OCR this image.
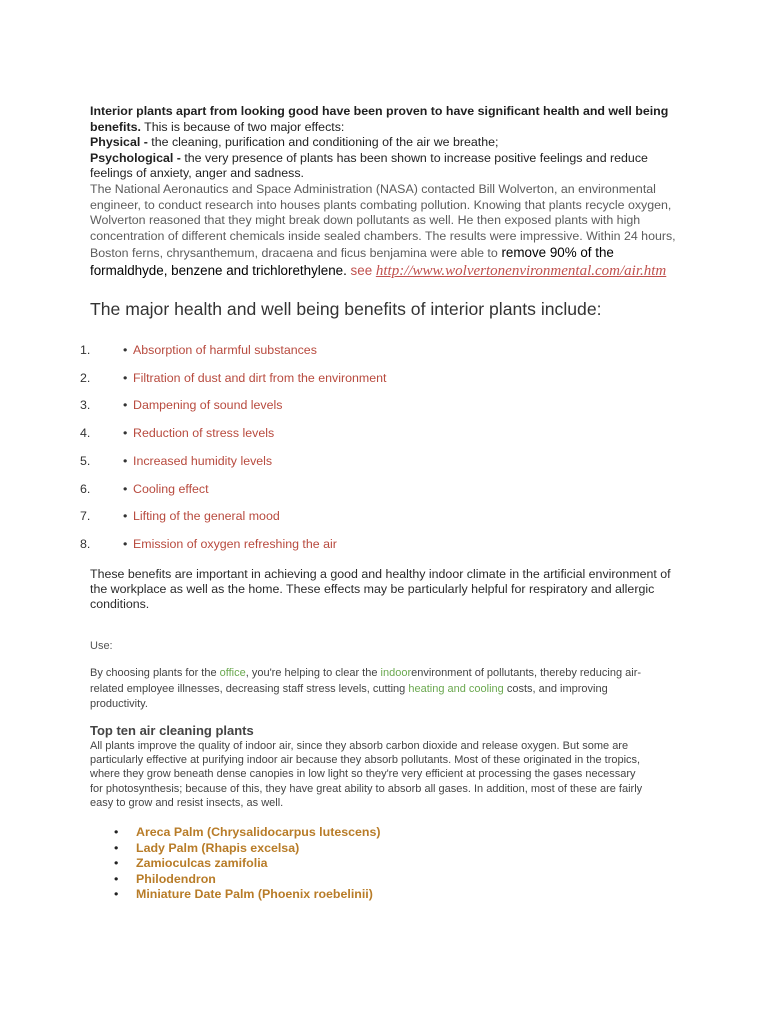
Interior plants apart from looking good have been proven to have significant health and well being benefits. This is because of two major effects:

Physical - the cleaning, purification and conditioning of the air we breathe;

Psychological - the very presence of plants has been shown to increase positive feelings and reduce feelings of anxiety, anger and sadness.

The National Aeronautics and Space Administration (NASA) contacted Bill Wolverton, an environmental engineer, to conduct research into houses plants combating pollution. Knowing that plants recycle oxygen, Wolverton reasoned that they might break down pollutants as well. He then exposed plants with high concentration of different chemicals inside sealed chambers. The results were impressive. Within 24 hours, Boston ferns, chrysanthemum, dracaena and ficus benjamina were able to remove 90% of the formaldhyde, benzene and trichlorethylene. see http://www.wolvertonenvironmental.com/air.htm

The major health and well being benefits of interior plants include:
1.	• Absorption of harmful substances
2.	• Filtration of dust and dirt from the environment
3.	• Dampening of sound levels
4.	• Reduction of stress levels
5.	• Increased humidity levels
6.	• Cooling effect
7.	• Lifting of the general mood
8.	• Emission of oxygen refreshing the air

These benefits are important in achieving a good and healthy indoor climate in the artificial environment of the workplace as well as the home. These effects may be particularly helpful for respiratory and allergic conditions.

Use:

By choosing plants for the office, you're helping to clear the indoorenvironment of pollutants, thereby reducing air-related employee illnesses, decreasing staff stress levels, cutting heating and cooling costs, and improving productivity.

Top ten air cleaning plants

All plants improve the quality of indoor air, since they absorb carbon dioxide and release oxygen. But some are particularly effective at purifying indoor air because they absorb pollutants. Most of these originated in the tropics, where they grow beneath dense canopies in low light so they're very efficient at processing the gases necessary for photosynthesis; because of this, they have great ability to absorb all gases. In addition, most of these are fairly easy to grow and resist insects, as well.

• Areca Palm (Chrysalidocarpus lutescens)
• Lady Palm (Rhapis excelsa)
• Zamioculcas zamifolia
• Philodendron
• Miniature Date Palm (Phoenix roebelinii)
